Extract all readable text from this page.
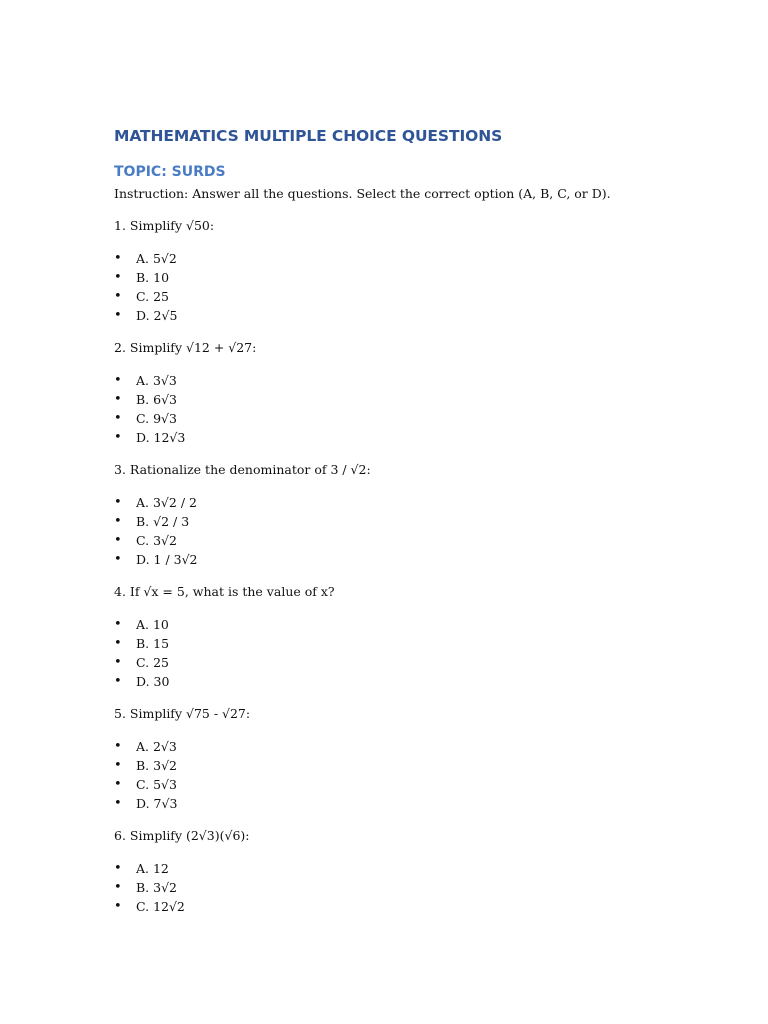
MATHEMATICS MULTIPLE CHOICE QUESTIONS
TOPIC: SURDS

Instruction: Answer all the questions. Select the correct option (A, B, C, or D).

1. Simplify √50:

• A. 5√2
• B. 10
• C. 25
• D. 2√5

2. Simplify √12 + √27:

• A. 3√3
• B. 6√3
• C. 9√3
• D. 12√3

3. Rationalize the denominator of 3 / √2:

• A. 3√2 / 2
• B. √2 / 3
• C. 3√2
• D. 1 / 3√2

4. If √x = 5, what is the value of x?

• A. 10
• B. 15
• C. 25
• D. 30

5. Simplify √75 - √27:

• A. 2√3
• B. 3√2
• C. 5√3
• D. 7√3

6. Simplify (2√3)(√6):

• A. 12
• B. 3√2
• C. 12√2
